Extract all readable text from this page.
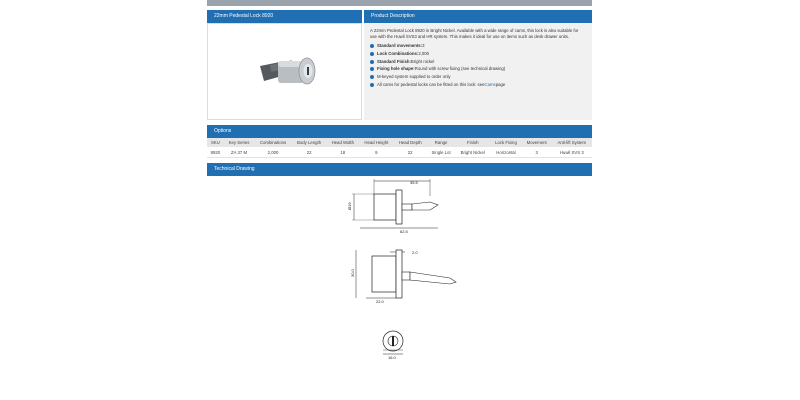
22mm Pedestal Lock 8920	Product Description

A 22mm Pedestal Lock 8920 in Bright Nickel. Available with a wide range of cams, this lock is also suitable for use with the Huwil SVS3 and HR system. This makes it ideal for use on items such as desk drawer units.

Standard movements: 3
Lock Combinations: 2,000
Standard Finish: Bright nickel
Fixing hole shape: Round with screw fixing (see technical drawing)
M-keyed system supplied to order only
All cams for pedestal locks can be fitted on this lock: see Cams page
Options
SKU	Key Series	Combinations	Body Length	Head Width	Head Height	Head Depth	Range	Finish	Lock Fixing	Movement	Anti-lift System
8920	ZA 37 M	2,000	22	18	9	22	Single Lot	Bright Nickel	Horizontal	3	Huwil SVS 3
Technical Drawing
35.5
Ø19
62.5
2.0
30.0
22.0
16.0
